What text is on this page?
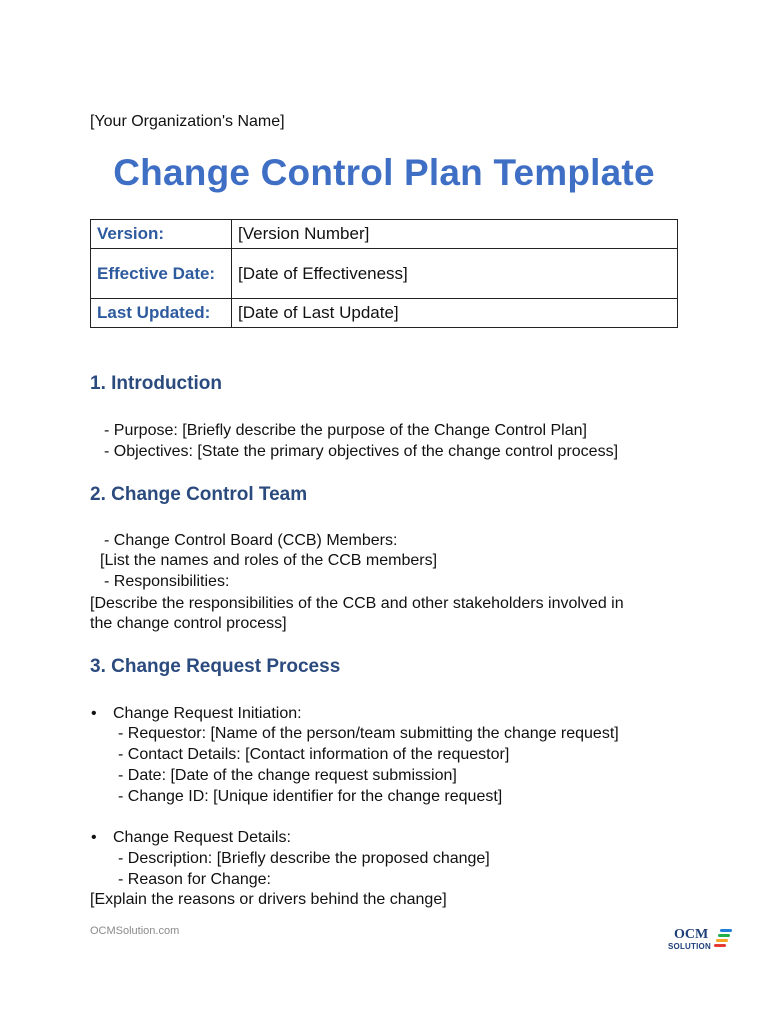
[Your Organization's Name]
Change Control Plan Template
Version:	[Version Number]
Effective Date:	[Date of Effectiveness]
Last Updated:	[Date of Last Update]
1. Introduction
- Purpose: [Briefly describe the purpose of the Change Control Plan]
- Objectives: [State the primary objectives of the change control process]
2. Change Control Team
- Change Control Board (CCB) Members:
[List the names and roles of the CCB members]
- Responsibilities:
[Describe the responsibilities of the CCB and other stakeholders involved in
the change control process]
3. Change Request Process
• Change Request Initiation:
- Requestor: [Name of the person/team submitting the change request]
- Contact Details: [Contact information of the requestor]
- Date: [Date of the change request submission]
- Change ID: [Unique identifier for the change request]
• Change Request Details:
- Description: [Briefly describe the proposed change]
- Reason for Change:
[Explain the reasons or drivers behind the change]
OCMSolution.com	OCM
SOLUTION
